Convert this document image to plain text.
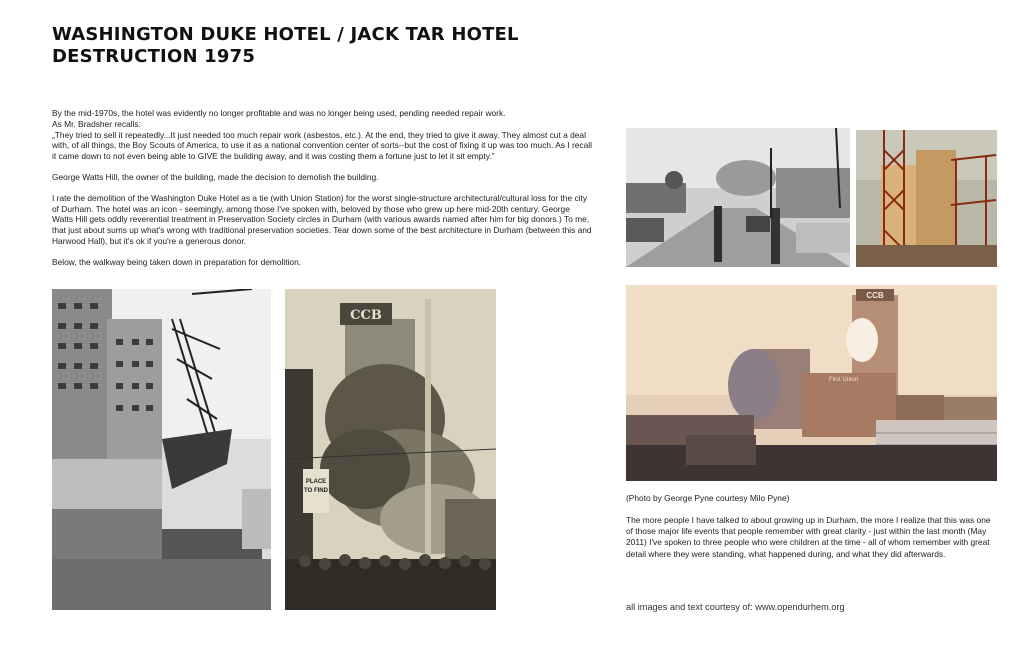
WASHINGTON DUKE HOTEL / JACK TAR HOTEL
DESTRUCTION 1975

By the mid-1970s, the hotel was evidently no longer profitable and was no longer being used, pending needed repair work.
As Mr. Bradsher recalls:
„They tried to sell it repeatedly...It just needed too much repair work (asbestos, etc.). At the end, they tried to give it away. They almost cut a deal with, of all things, the Boy Scouts of America, to use it as a national convention center of sorts--but the cost of fixing it up was too much. As I recall it came down to not even being able to GIVE the building away, and it was costing them a fortune just to let it sit empty.”

George Watts Hill, the owner of the building, made the decision to demolish the building.

I rate the demolition of the Washington Duke Hotel as a tie (with Union Station) for the worst single-structure architectural/cultural loss for the city of Durham. The hotel was an icon - seemingly, among those I've spoken with, beloved by those who grew up here mid-20th century. George Watts Hill gets oddly reverential treatment in Preservation Society circles in Durham (with various awards named after him for big donors.) To me, that just about sums up what's wrong with traditional preservation societies. Tear down some of the best architecture in Durham (between this and Harwood Hall), but it's ok if you're a generous donor.

Below, the walkway being taken down in preparation for demolition.

CCB
PLACE
TO FIND
CCB
First Union
(Photo by George Pyne courtesy Milo Pyne)

The more people I have talked to about growing up in Durham, the more I realize that this was one of those major life events that people remember with great clarity - just within the last month (May 2011) I've spoken to three people who were children at the time - all of whom remember with great detail where they were standing, what happened during, and what they did afterwards.

all images and text courtesy of: www.opendurhem.org
